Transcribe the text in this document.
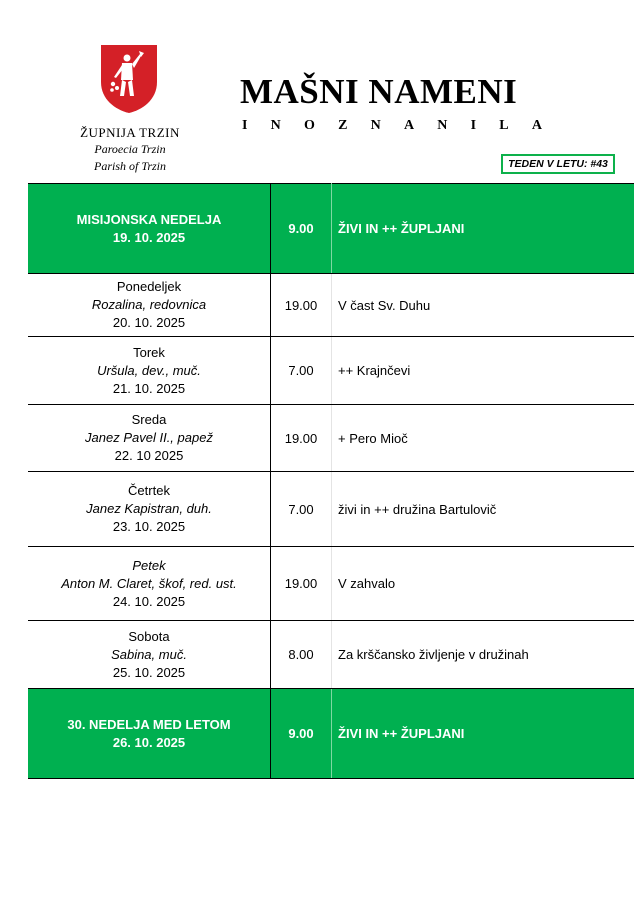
ŽUPNIJA TRZIN
Paroecia Trzin
Parish of Trzin
MAŠNI NAMENI
I N O Z N A N I L A
TEDEN V LETU: #43
MISIJONSKA NEDELJA
19. 10. 2025	9.00	ŽIVI IN ++ ŽUPLJANI

Ponedeljek
Rozalina, redovnica
20. 10. 2025	19.00	V čast Sv. Duhu

Torek
Uršula, dev., muč.
21. 10. 2025	7.00	++ Krajnčevi

Sreda
Janez Pavel II., papež
22. 10 2025	19.00	+ Pero Mioč

Četrtek
Janez Kapistran, duh.
23. 10. 2025	7.00	živi in ++ družina Bartulovič

Petek
Anton M. Claret, škof, red. ust.
24. 10. 2025	19.00	V zahvalo

Sobota
Sabina, muč.
25. 10. 2025	8.00	Za krščansko življenje v družinah

30. NEDELJA MED LETOM
26. 10. 2025	9.00	ŽIVI IN ++ ŽUPLJANI
